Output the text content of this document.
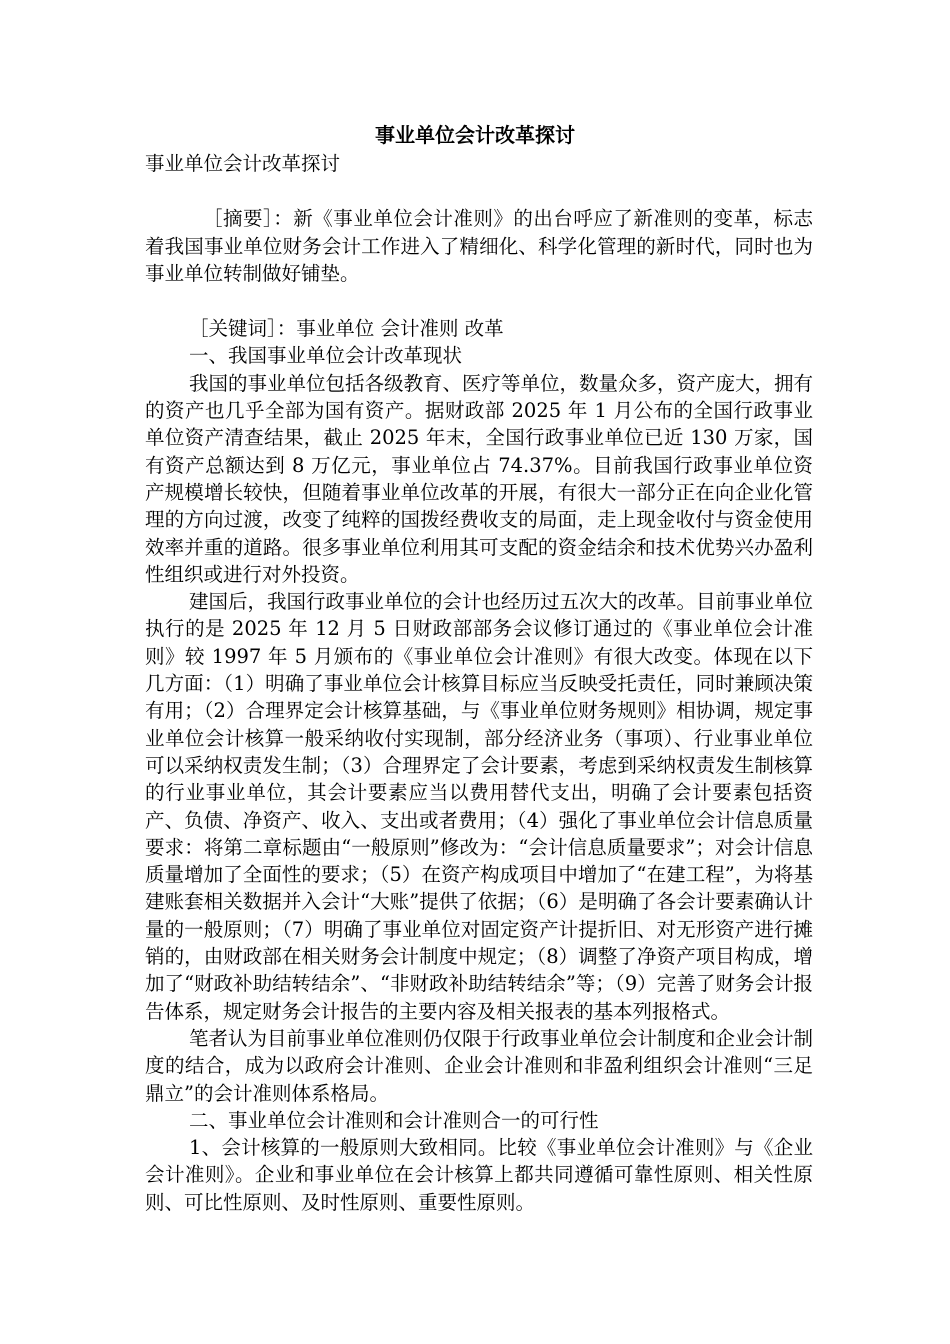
事业单位会计改革探讨

事业单位会计改革探讨

［摘要］：新《事业单位会计准则》的出台呼应了新准则的变革，标志着我国事业单位财务会计工作进入了精细化、科学化管理的新时代，同时也为事业单位转制做好铺垫。

［关键词］：事业单位 会计准则 改革

一、我国事业单位会计改革现状

我国的事业单位包括各级教育、医疗等单位，数量众多，资产庞大，拥有的资产也几乎全部为国有资产。据财政部 2025 年 1 月公布的全国行政事业单位资产清查结果，截止 2025 年末，全国行政事业单位已近 130 万家，国有资产总额达到 8 万亿元，事业单位占 74.37%。目前我国行政事业单位资产规模增长较快，但随着事业单位改革的开展，有很大一部分正在向企业化管理的方向过渡，改变了纯粹的国拨经费收支的局面，走上现金收付与资金使用效率并重的道路。很多事业单位利用其可支配的资金结余和技术优势兴办盈利性组织或进行对外投资。

建国后，我国行政事业单位的会计也经历过五次大的改革。目前事业单位执行的是 2025 年 12 月 5 日财政部部务会议修订通过的《事业单位会计准则》较 1997 年 5 月颁布的《事业单位会计准则》有很大改变。体现在以下几方面：（1）明确了事业单位会计核算目标应当反映受托责任，同时兼顾决策有用；（2）合理界定会计核算基础，与《事业单位财务规则》相协调，规定事业单位会计核算一般采纳收付实现制，部分经济业务（事项）、行业事业单位可以采纳权责发生制；（3）合理界定了会计要素，考虑到采纳权责发生制核算的行业事业单位，其会计要素应当以费用替代支出，明确了会计要素包括资产、负债、净资产、收入、支出或者费用；（4）强化了事业单位会计信息质量要求：将第二章标题由“一般原则”修改为：“会计信息质量要求”；对会计信息质量增加了全面性的要求；（5）在资产构成项目中增加了“在建工程”，为将基建账套相关数据并入会计“大账”提供了依据；（6）是明确了各会计要素确认计量的一般原则；（7）明确了事业单位对固定资产计提折旧、对无形资产进行摊销的，由财政部在相关财务会计制度中规定；（8）调整了净资产项目构成，增加了“财政补助结转结余”、“非财政补助结转结余”等；（9）完善了财务会计报告体系，规定财务会计报告的主要内容及相关报表的基本列报格式。

笔者认为目前事业单位准则仍仅限于行政事业单位会计制度和企业会计制度的结合，成为以政府会计准则、企业会计准则和非盈利组织会计准则“三足鼎立”的会计准则体系格局。

二、事业单位会计准则和会计准则合一的可行性

1、会计核算的一般原则大致相同。比较《事业单位会计准则》与《企业会计准则》。企业和事业单位在会计核算上都共同遵循可靠性原则、相关性原则、可比性原则、及时性原则、重要性原则。
